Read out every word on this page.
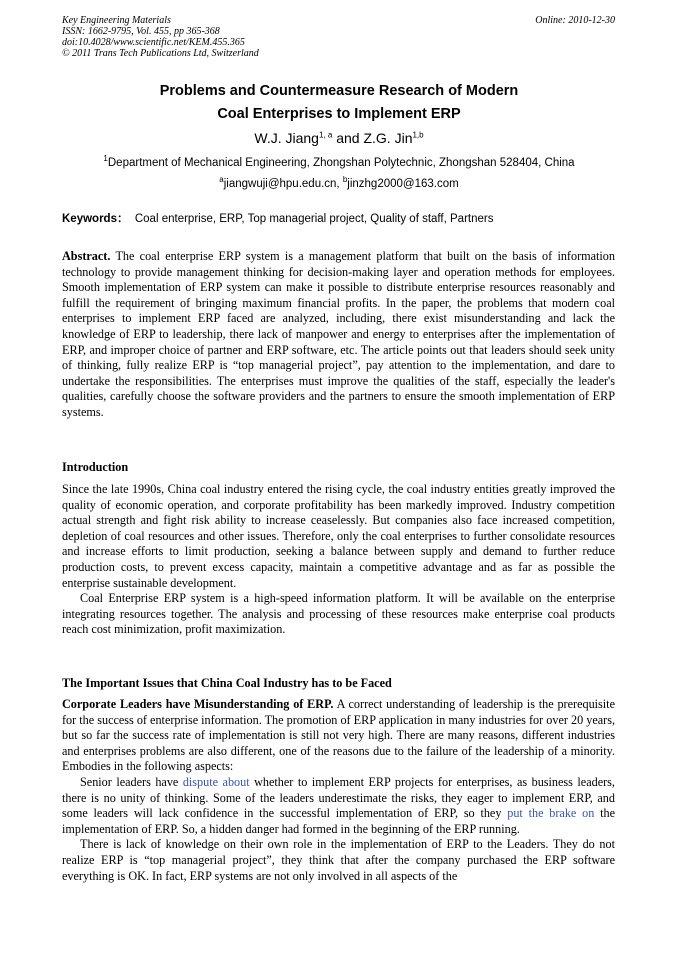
Key Engineering Materials
ISSN: 1662-9795, Vol. 455, pp 365-368
doi:10.4028/www.scientific.net/KEM.455.365
© 2011 Trans Tech Publications Ltd, Switzerland
Online: 2010-12-30
Problems and Countermeasure Research of Modern
Coal Enterprises to Implement ERP
W.J. Jiang$^{1, a}$ and Z.G. Jin$^{1,b}$
$^1$Department of Mechanical Engineering, Zhongshan Polytechnic, Zhongshan 528404, China
$^a$jiangwuji@hpu.edu.cn, $^b$jinzhg2000@163.com
Keywords： Coal enterprise, ERP, Top managerial project, Quality of staff, Partners

Abstract. The coal enterprise ERP system is a management platform that built on the basis of information technology to provide management thinking for decision-making layer and operation methods for employees. Smooth implementation of ERP system can make it possible to distribute enterprise resources reasonably and fulfill the requirement of bringing maximum financial profits. In the paper, the problems that modern coal enterprises to implement ERP faced are analyzed, including, there exist misunderstanding and lack the knowledge of ERP to leadership, there lack of manpower and energy to enterprises after the implementation of ERP, and improper choice of partner and ERP software, etc. The article points out that leaders should seek unity of thinking, fully realize ERP is “top managerial project”, pay attention to the implementation, and dare to undertake the responsibilities. The enterprises must improve the qualities of the staff, especially the leader's qualities, carefully choose the software providers and the partners to ensure the smooth implementation of ERP systems.

Introduction

Since the late 1990s, China coal industry entered the rising cycle, the coal industry entities greatly improved the quality of economic operation, and corporate profitability has been markedly improved. Industry competition actual strength and fight risk ability to increase ceaselessly. But companies also face increased competition, depletion of coal resources and other issues. Therefore, only the coal enterprises to further consolidate resources and increase efforts to limit production, seeking a balance between supply and demand to further reduce production costs, to prevent excess capacity, maintain a competitive advantage and as far as possible the enterprise sustainable development.

Coal Enterprise ERP system is a high-speed information platform. It will be available on the enterprise integrating resources together. The analysis and processing of these resources make enterprise coal products reach cost minimization, profit maximization.

The Important Issues that China Coal Industry has to be Faced

Corporate Leaders have Misunderstanding of ERP. A correct understanding of leadership is the prerequisite for the success of enterprise information. The promotion of ERP application in many industries for over 20 years, but so far the success rate of implementation is still not very high. There are many reasons, different industries and enterprises problems are also different, one of the reasons due to the failure of the leadership of a minority. Embodies in the following aspects:

Senior leaders have dispute about whether to implement ERP projects for enterprises, as business leaders, there is no unity of thinking. Some of the leaders underestimate the risks, they eager to implement ERP, and some leaders will lack confidence in the successful implementation of ERP, so they put the brake on the implementation of ERP. So, a hidden danger had formed in the beginning of the ERP running.

There is lack of knowledge on their own role in the implementation of ERP to the Leaders. They do not realize ERP is “top managerial project”, they think that after the company purchased the ERP software everything is OK. In fact, ERP systems are not only involved in all aspects of the
